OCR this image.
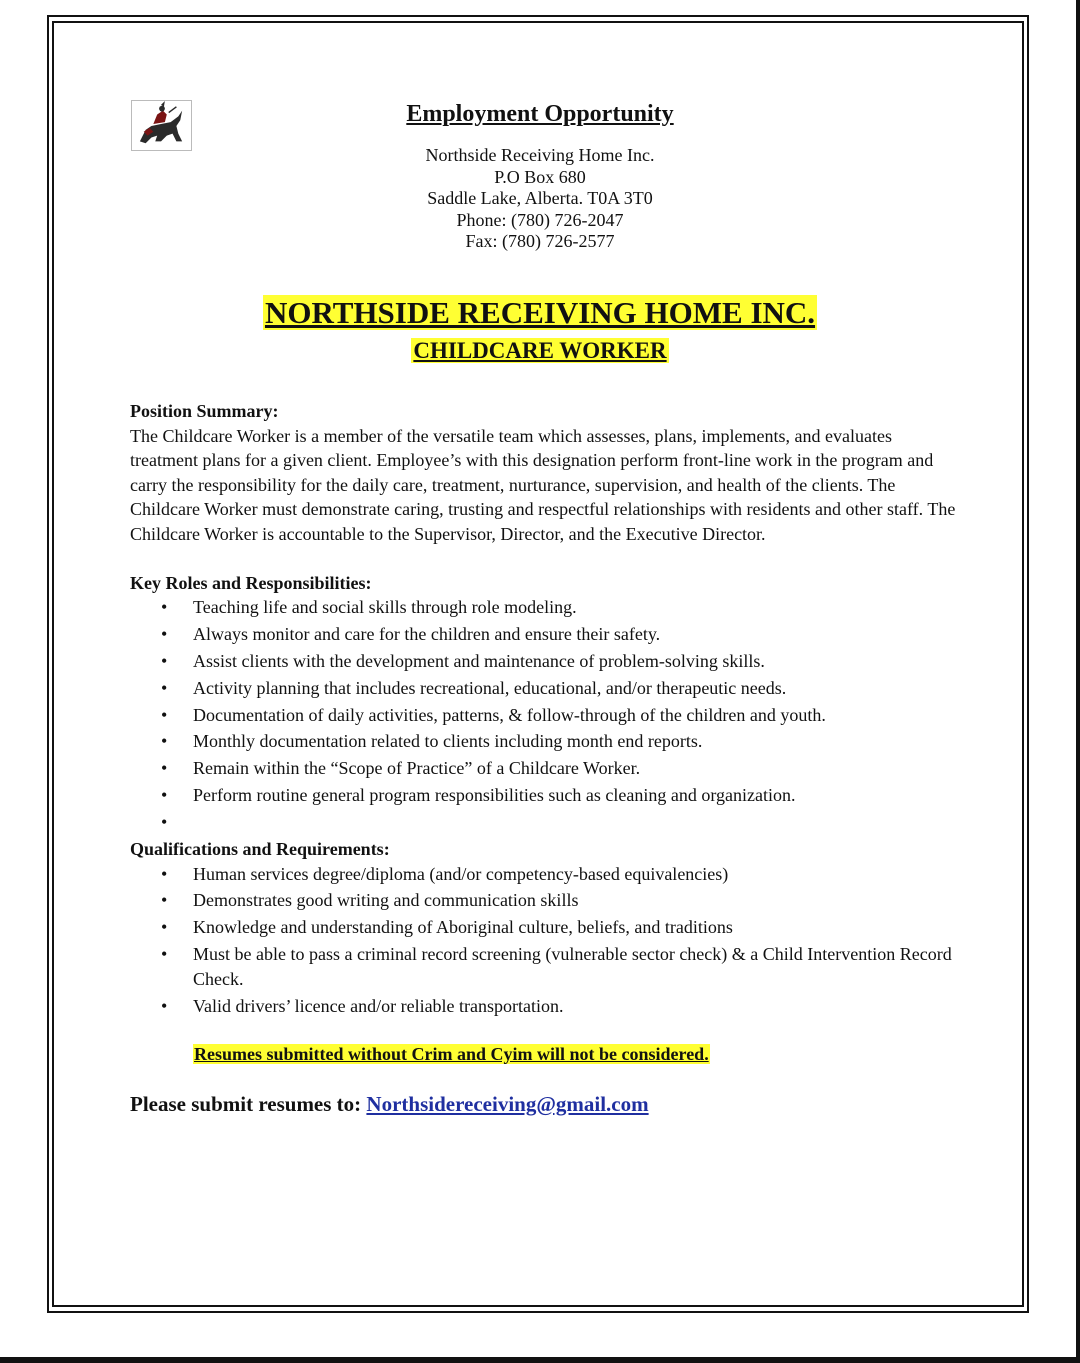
Employment Opportunity
Northside Receiving Home Inc.
P.O Box 680
Saddle Lake, Alberta. T0A 3T0
Phone: (780) 726-2047
Fax: (780) 726-2577
NORTHSIDE RECEIVING HOME INC.
CHILDCARE WORKER

Position Summary:

The Childcare Worker is a member of the versatile team which assesses, plans, implements, and evaluates treatment plans for a given client. Employee’s with this designation perform front-line work in the program and carry the responsibility for the daily care, treatment, nurturance, supervision, and health of the clients. The Childcare Worker must demonstrate caring, trusting and respectful relationships with residents and other staff. The Childcare Worker is accountable to the Supervisor, Director, and the Executive Director.

Key Roles and Responsibilities:

• Teaching life and social skills through role modeling.
• Always monitor and care for the children and ensure their safety.
• Assist clients with the development and maintenance of problem-solving skills.
• Activity planning that includes recreational, educational, and/or therapeutic needs.
• Documentation of daily activities, patterns, & follow-through of the children and youth.
• Monthly documentation related to clients including month end reports.
• Remain within the “Scope of Practice” of a Childcare Worker.
• Perform routine general program responsibilities such as cleaning and organization.
•

Qualifications and Requirements:

• Human services degree/diploma (and/or competency-based equivalencies)
• Demonstrates good writing and communication skills
• Knowledge and understanding of Aboriginal culture, beliefs, and traditions
• Must be able to pass a criminal record screening (vulnerable sector check) & a Child Intervention Record Check.
• Valid drivers’ licence and/or reliable transportation.
Resumes submitted without Crim and Cyim will not be considered.
Please submit resumes to: Northsidereceiving@gmail.com
